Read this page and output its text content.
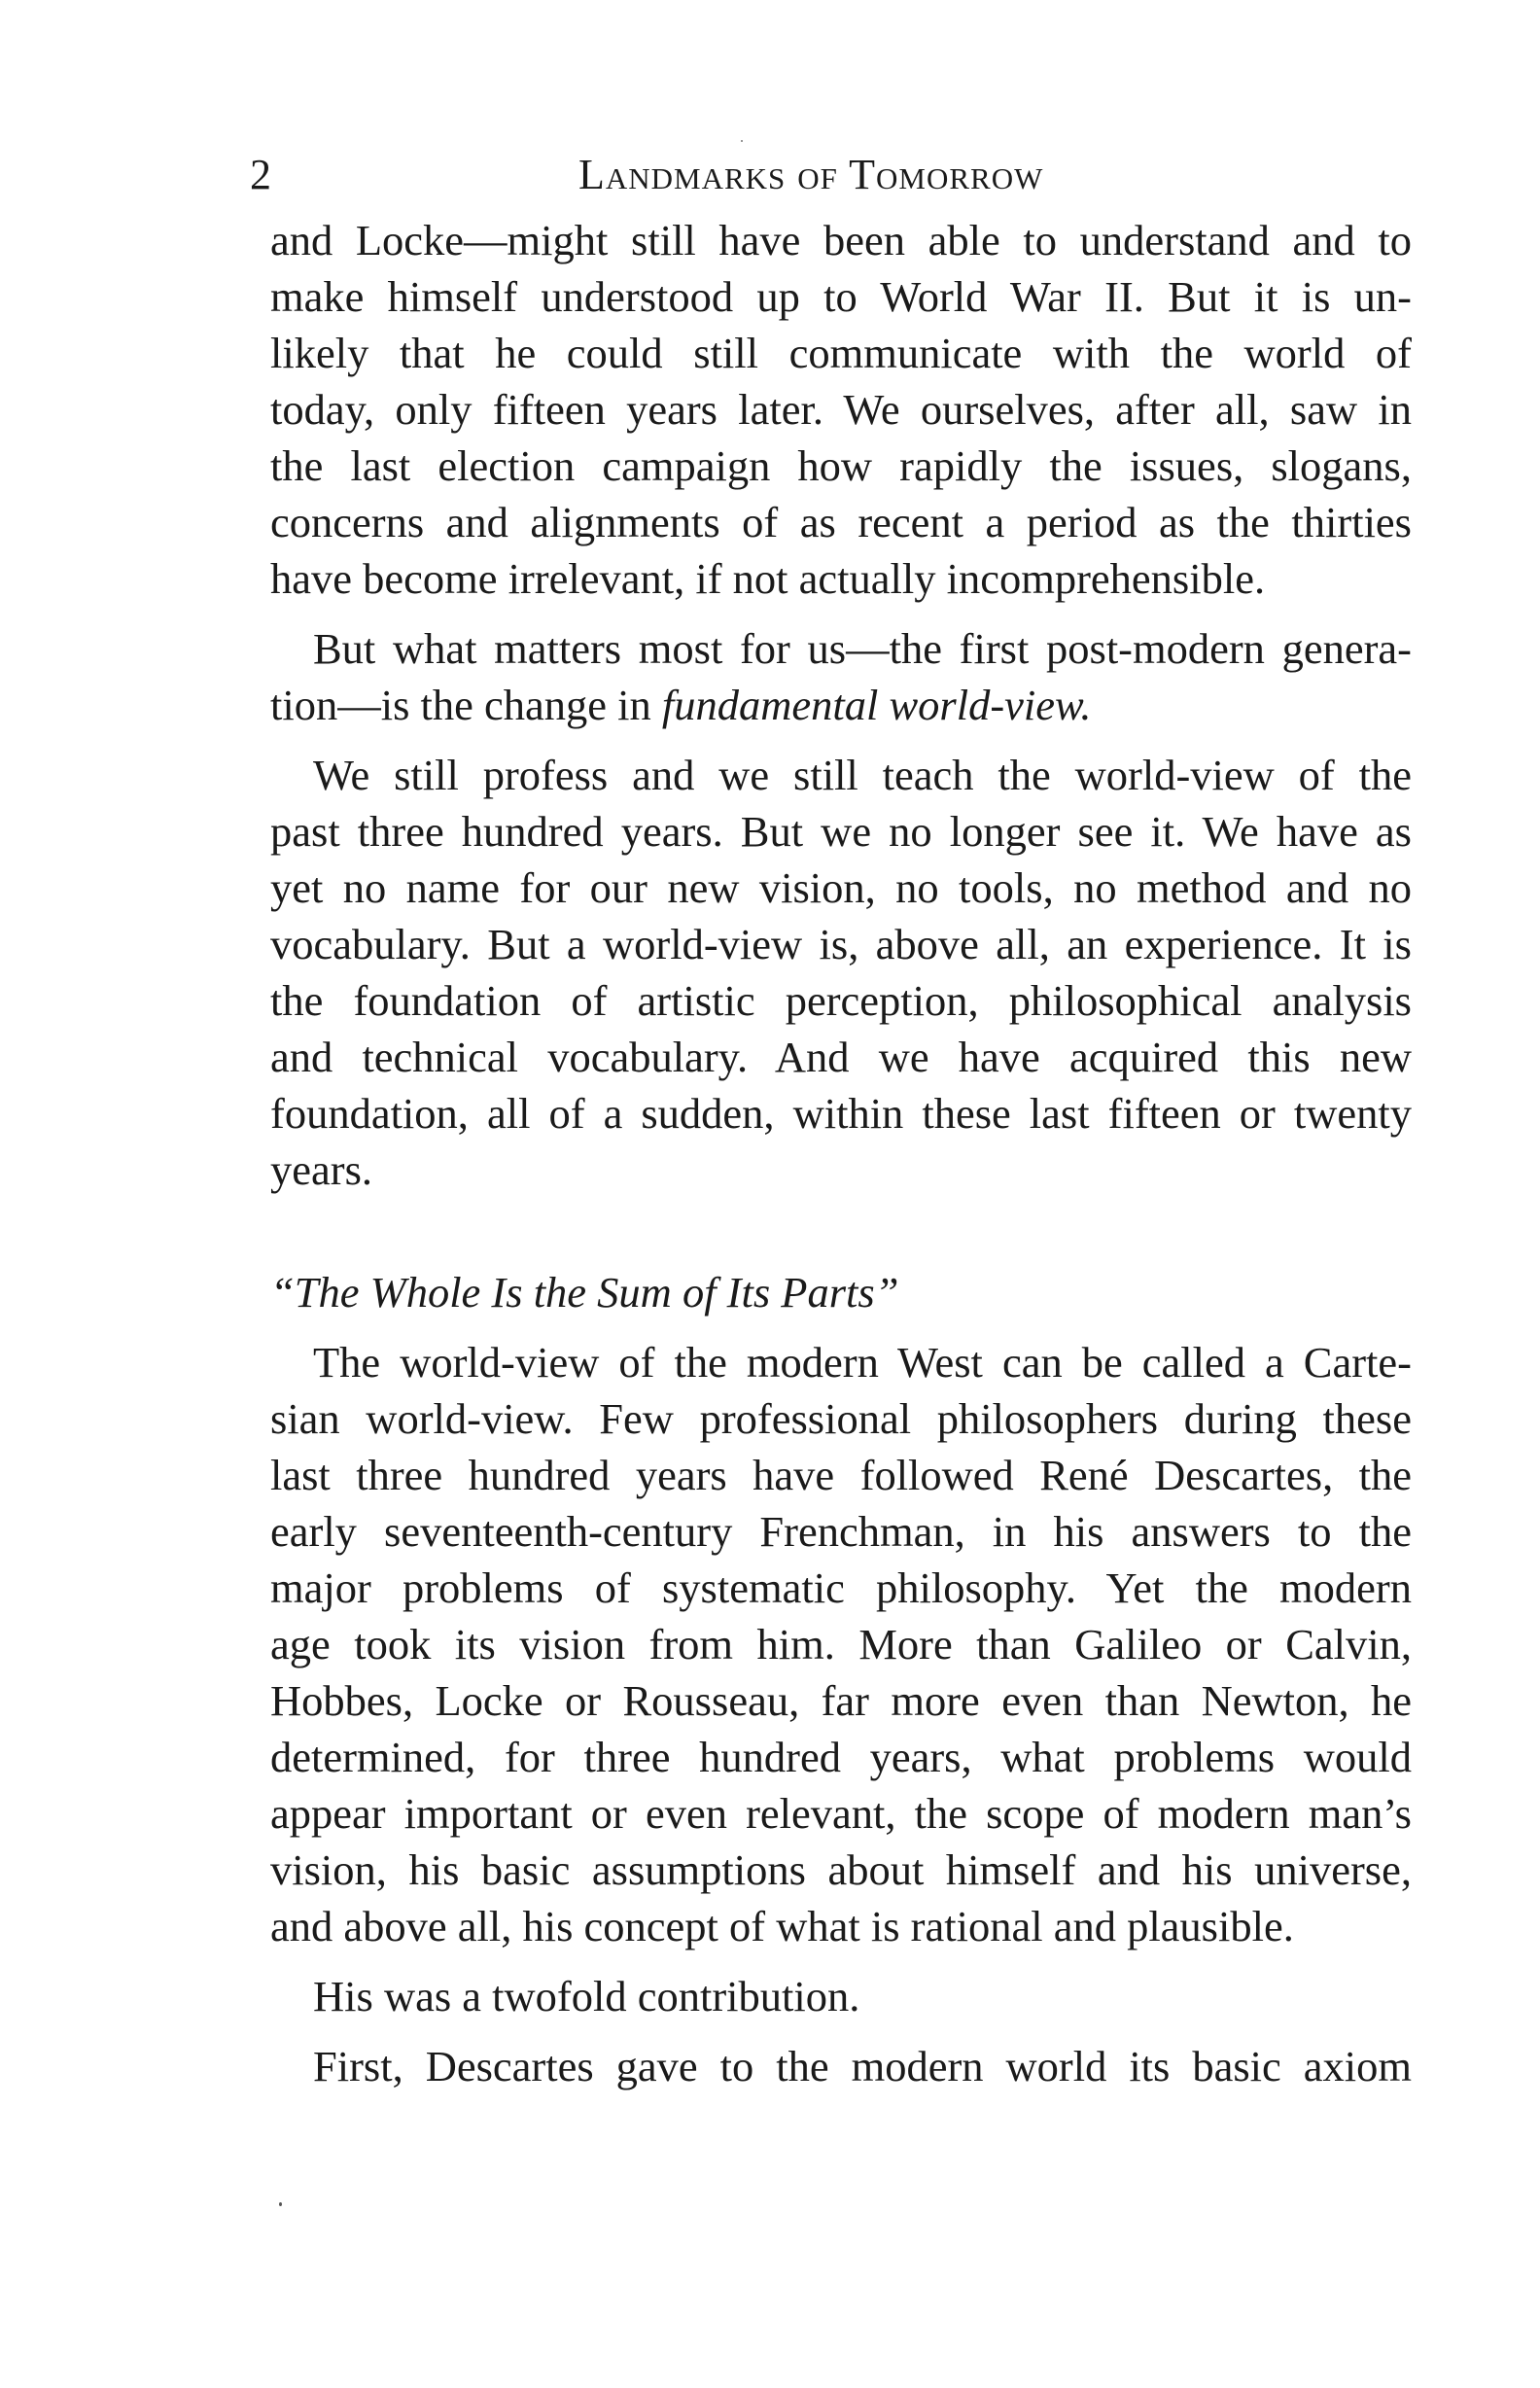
2	Landmarks of Tomorrow
and Locke—might still have been able to understand and to
make himself understood up to World War II. But it is un-
likely that he could still communicate with the world of
today, only fifteen years later. We ourselves, after all, saw in
the last election campaign how rapidly the issues, slogans,
concerns and alignments of as recent a period as the thirties
have become irrelevant, if not actually incomprehensible.
But what matters most for us—the first post-modern genera-
tion—is the change in fundamental world-view.
We still profess and we still teach the world-view of the
past three hundred years. But we no longer see it. We have as
yet no name for our new vision, no tools, no method and no
vocabulary. But a world-view is, above all, an experience. It is
the foundation of artistic perception, philosophical analysis
and technical vocabulary. And we have acquired this new
foundation, all of a sudden, within these last fifteen or twenty
years.
“The Whole Is the Sum of Its Parts”
The world-view of the modern West can be called a Carte-
sian world-view. Few professional philosophers during these
last three hundred years have followed René Descartes, the
early seventeenth-century Frenchman, in his answers to the
major problems of systematic philosophy. Yet the modern
age took its vision from him. More than Galileo or Calvin,
Hobbes, Locke or Rousseau, far more even than Newton, he
determined, for three hundred years, what problems would
appear important or even relevant, the scope of modern man’s
vision, his basic assumptions about himself and his universe,
and above all, his concept of what is rational and plausible.
His was a twofold contribution.
First, Descartes gave to the modern world its basic axiom
